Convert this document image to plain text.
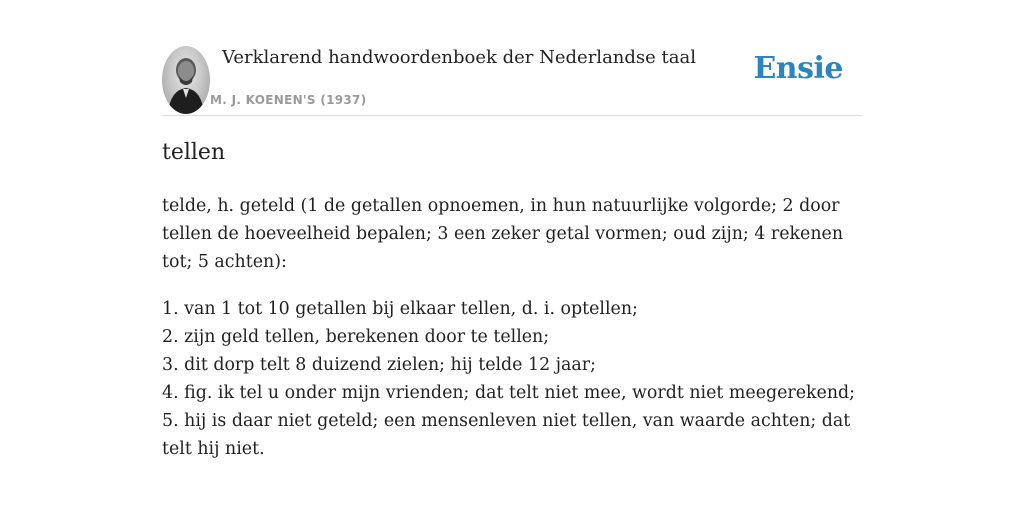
Verklarend handwoordenboek der Nederlandse taal
M. J. KOENEN'S (1937)
Ensie
tellen

telde, h. geteld (1 de getallen opnoemen, in hun natuurlijke volgorde; 2 door tellen de hoeveelheid bepalen; 3 een zeker getal vormen; oud zijn; 4 rekenen tot; 5 achten):

1. van 1 tot 10 getallen bij elkaar tellen, d. i. optellen;
2. zijn geld tellen, berekenen door te tellen;
3. dit dorp telt 8 duizend zielen; hij telde 12 jaar;
4. fig. ik tel u onder mijn vrienden; dat telt niet mee, wordt niet meegerekend;
5. hij is daar niet geteld; een mensenleven niet tellen, van waarde achten; dat telt hij niet.
